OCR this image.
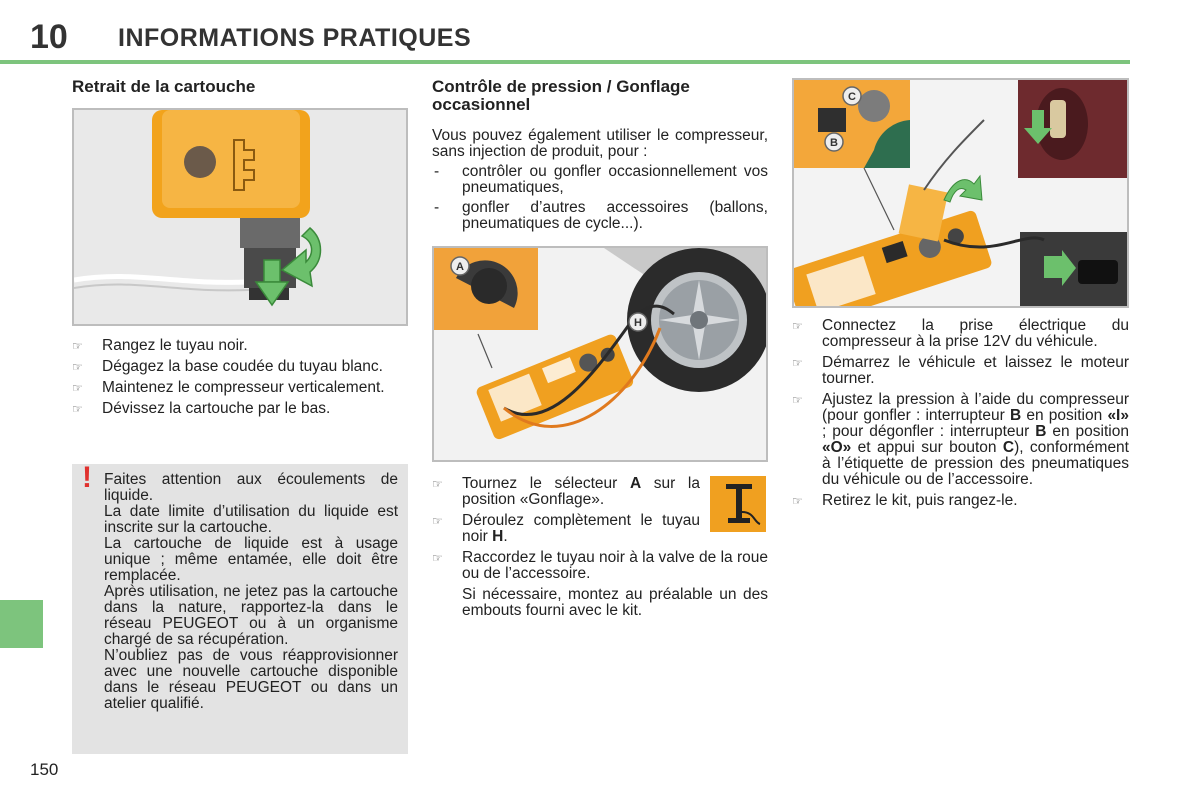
10 INFORMATIONS PRATIQUES
150
Retrait de la cartouche
☞ Rangez le tuyau noir.
☞ Dégagez la base coudée du tuyau blanc.
☞ Maintenez le compresseur verticalement.
☞ Dévissez la cartouche par le bas.
! Faites attention aux écoulements de liquide.

La date limite d’utilisation du liquide est inscrite sur la cartouche.

La cartouche de liquide est à usage unique ; même entamée, elle doit être remplacée.

Après utilisation, ne jetez pas la cartouche dans la nature, rapportez-la dans le réseau PEUGEOT ou à un organisme chargé de sa récupération.

N’oubliez pas de vous réapprovisionner avec une nouvelle cartouche disponible dans le réseau PEUGEOT ou dans un atelier qualifié.

Contrôle de pression / Gonflage occasionnel

Vous pouvez également utiliser le compresseur, sans injection de produit, pour :

- contrôler ou gonfler occasionnellement vos pneumatiques,
- gonfler d’autres accessoires (ballons, pneumatiques de cycle...).
A
H
☞ Tournez le sélecteur A sur la position «Gonflage».
☞ Déroulez complètement le tuyau noir H.
☞ Raccordez le tuyau noir à la valve de la roue ou de l’accessoire.

Si nécessaire, montez au préalable un des embouts fourni avec le kit.

C
B
☞ Connectez la prise électrique du compresseur à la prise 12V du véhicule.
☞ Démarrez le véhicule et laissez le moteur tourner.
☞ Ajustez la pression à l’aide du compresseur (pour gonfler : interrupteur B en position «I» ; pour dégonfler : interrupteur B en position «O» et appui sur bouton C), conformément à l’étiquette de pression des pneumatiques du véhicule ou de l’accessoire.
☞ Retirez le kit, puis rangez-le.
